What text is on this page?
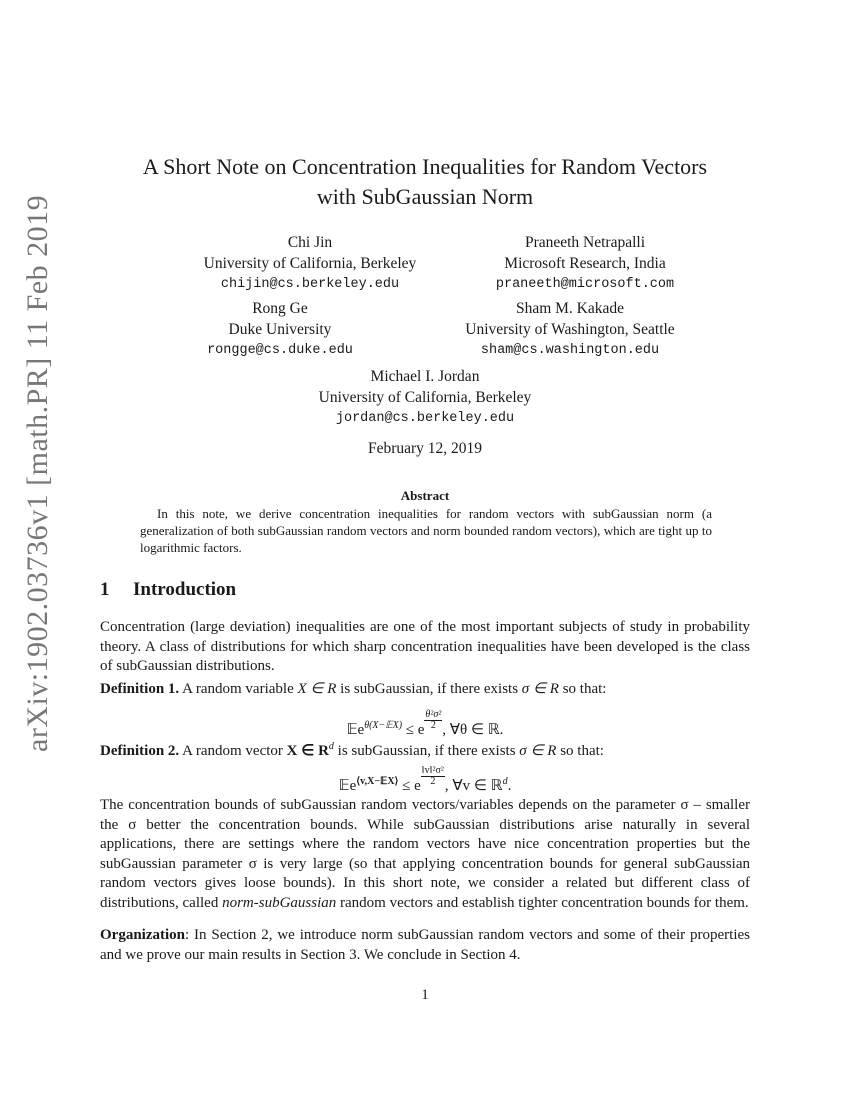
arXiv:1902.03736v1 [math.PR] 11 Feb 2019
A Short Note on Concentration Inequalities for Random Vectors
with SubGaussian Norm
Chi Jin
University of California, Berkeley
chijin@cs.berkeley.edu
Praneeth Netrapalli
Microsoft Research, India
praneeth@microsoft.com
Rong Ge
Duke University
rongge@cs.duke.edu
Sham M. Kakade
University of Washington, Seattle
sham@cs.washington.edu
Michael I. Jordan
University of California, Berkeley
jordan@cs.berkeley.edu
February 12, 2019
Abstract
In this note, we derive concentration inequalities for random vectors with subGaussian norm (a generalization of both subGaussian random vectors and norm bounded random vectors), which are tight up to logarithmic factors.
1 Introduction
Concentration (large deviation) inequalities are one of the most important subjects of study in probability theory. A class of distributions for which sharp concentration inequalities have been developed is the class of subGaussian distributions.
Definition 1. A random variable X ∈ R is subGaussian, if there exists σ ∈ R so that:
𝔼e$^{\theta(X-𝔼X)}$ ≤ e $\frac{\text{θ²σ²}}{2}$ , ∀θ ∈ ℝ.
Definition 2. A random vector X ∈ $R^d$ is subGaussian, if there exists σ ∈ R so that:
𝔼e$^{⟨v,X-𝔼X⟩}$ ≤ e $\frac{\text{‖v‖²σ²}}{2}$ , ∀v ∈ ℝ$^d$.
The concentration bounds of subGaussian random vectors/variables depends on the parameter σ – smaller the σ better the concentration bounds. While subGaussian distributions arise naturally in several applications, there are settings where the random vectors have nice concentration properties but the subGaussian parameter σ is very large (so that applying concentration bounds for general subGaussian random vectors gives loose bounds). In this short note, we consider a related but different class of distributions, called norm-subGaussian random vectors and establish tighter concentration bounds for them.
Organization: In Section 2, we introduce norm subGaussian random vectors and some of their properties and we prove our main results in Section 3. We conclude in Section 4.
1
